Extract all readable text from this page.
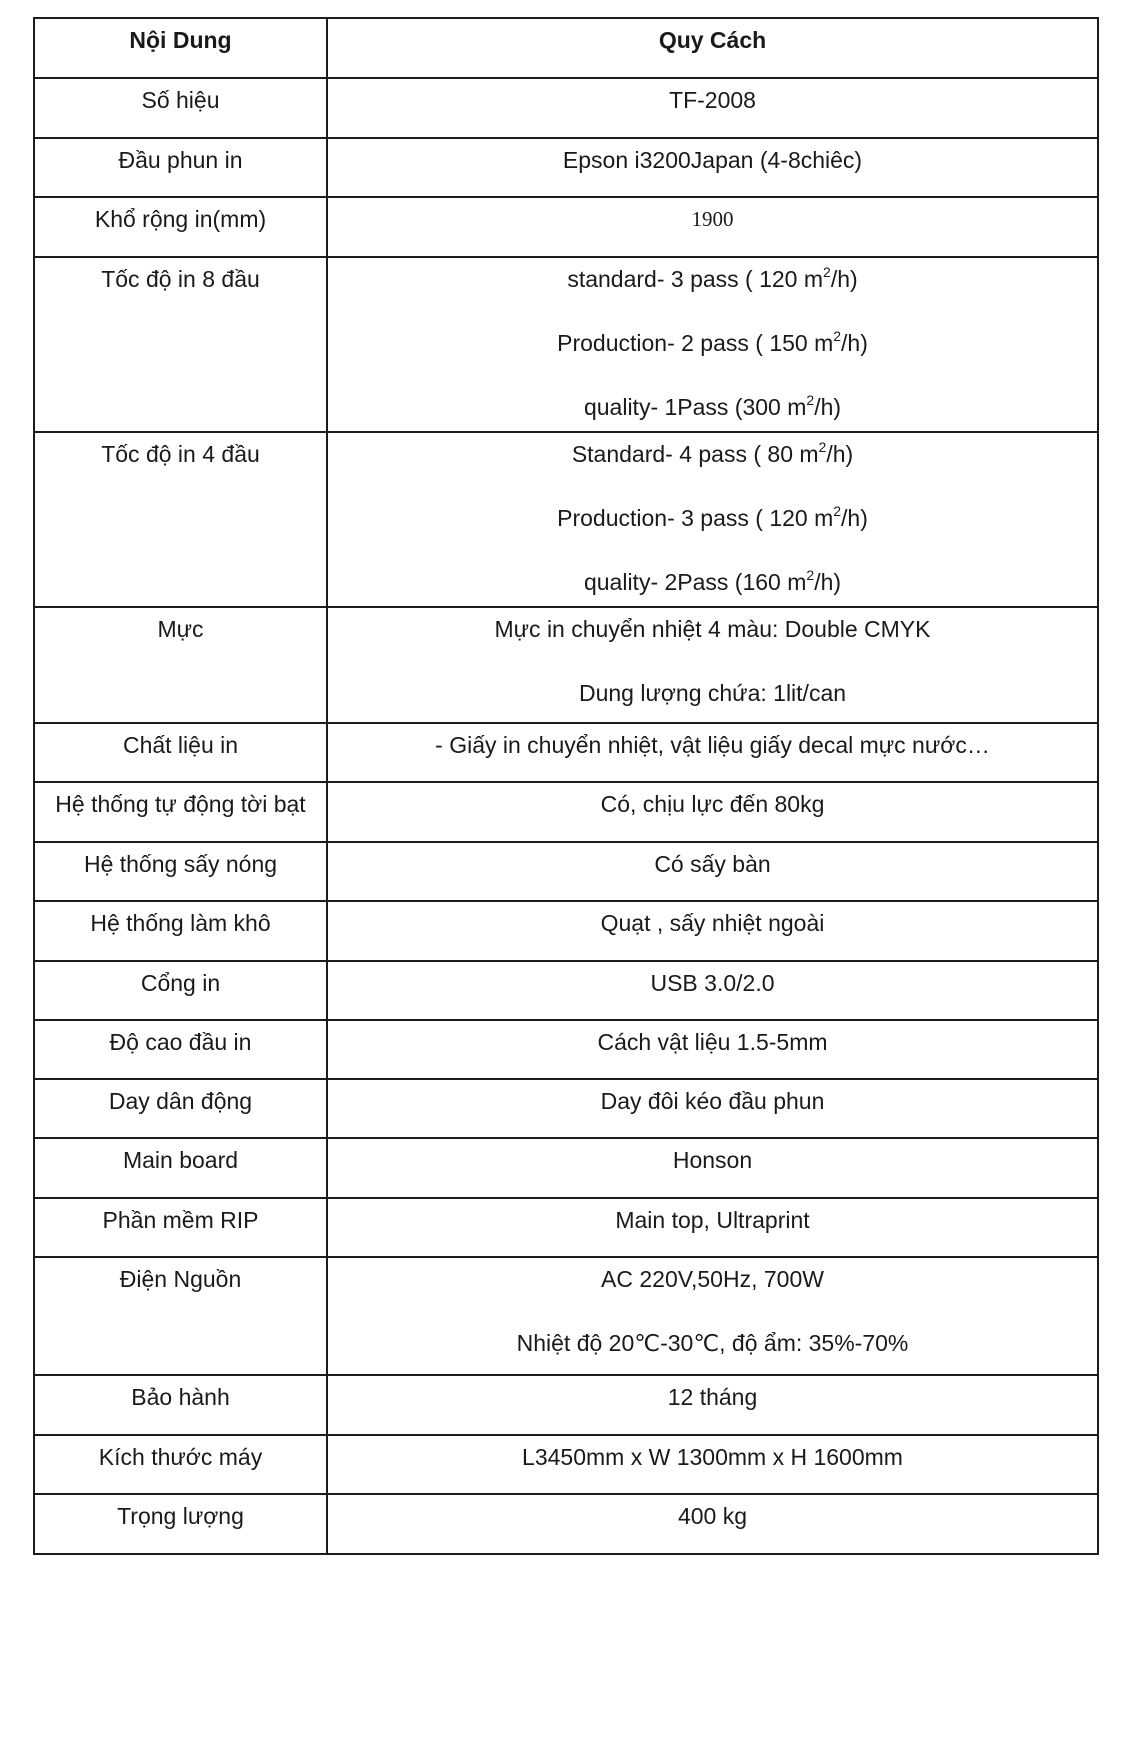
Nội Dung	Quy Cách
Số hiệu	TF-2008

Đầu phun in	Epson i3200Japan (4-8chiêc)

Khổ rộng in(mm)	1900

Tốc độ in 8 đầu	standard- 3 pass ( 120 $m^2/h$)
Production- 2 pass ( 150 $m^2/h$)
quality- 1Pass (300 $m^2/h$)

Tốc độ in 4 đầu	Standard- 4 pass ( 80 $m^2/h$)
Production- 3 pass ( 120 $m^2/h$)
quality- 2Pass (160 $m^2/h$)

Mực	Mực in chuyển nhiệt 4 màu: Double CMYK
Dung lượng chứa: 1lit/can

Chất liệu in	- Giấy in chuyển nhiệt, vật liệu giấy decal mực nước…

Hệ thống tự động tời bạt	Có, chịu lực đến 80kg

Hệ thống sấy nóng	Có sấy bàn

Hệ thống làm khô	Quạt , sấy nhiệt ngoài

Cổng in	USB 3.0/2.0

Độ cao đầu in	Cách vật liệu 1.5-5mm

Day dân động	Day đôi kéo đầu phun

Main board	Honson

Phần mềm RIP	Main top, Ultraprint

Điện Nguồn	AC 220V,50Hz, 700W
Nhiệt độ 20℃-30℃, độ ẩm: 35%-70%

Bảo hành	12 tháng

Kích thước máy	L3450mm x W 1300mm x H 1600mm

Trọng lượng	400 kg
